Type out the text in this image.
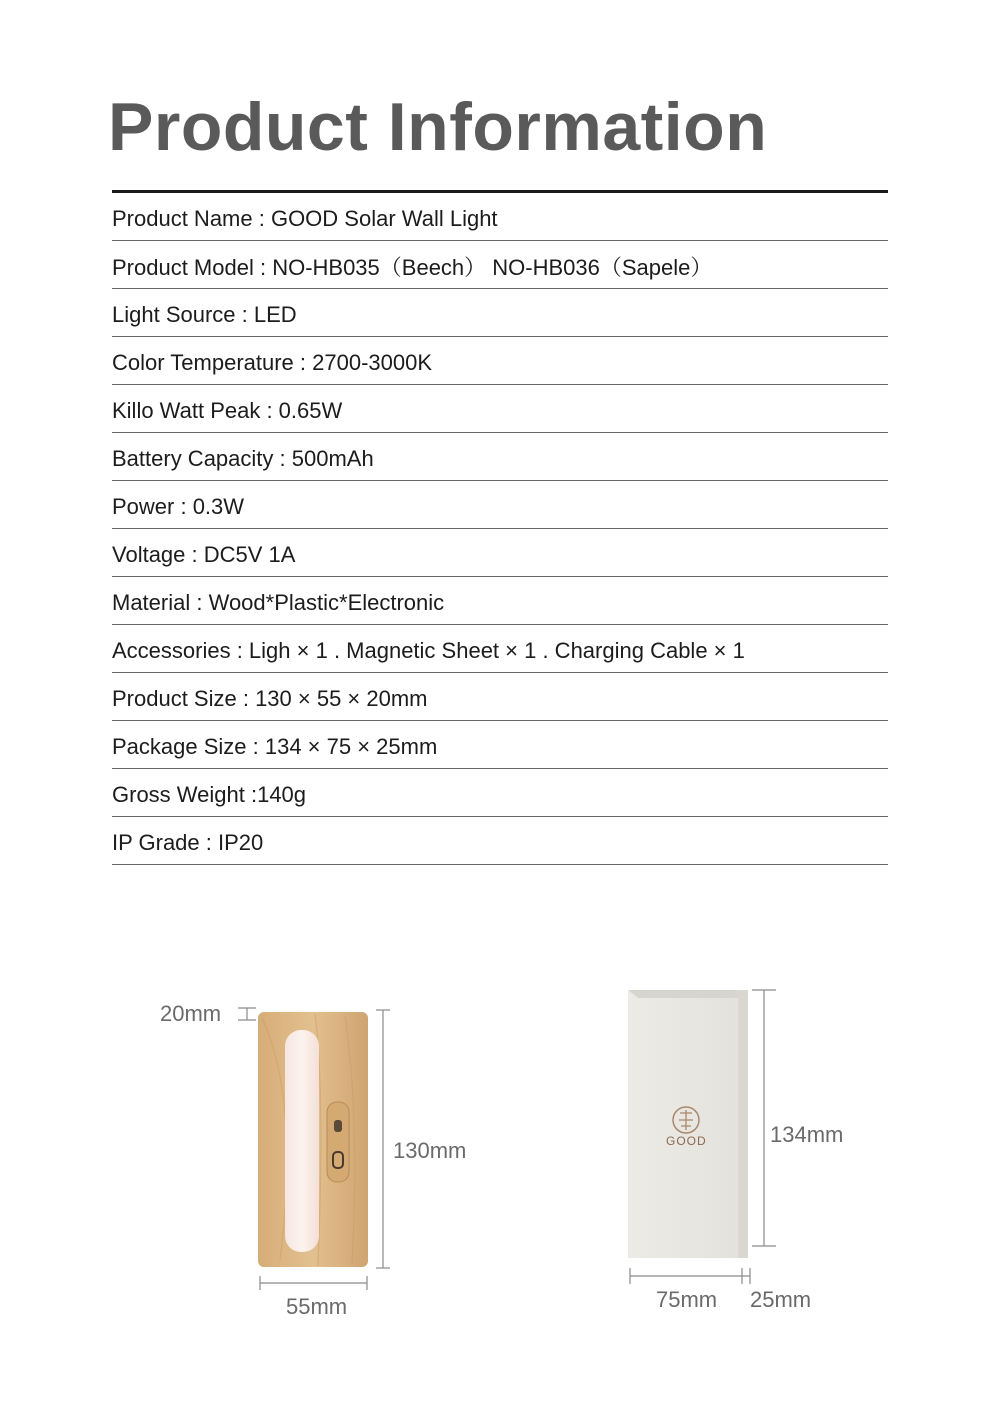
Product Information
Product Name : GOOD Solar Wall Light
Product Model : NO-HB035（Beech） NO-HB036（Sapele）
Light Source : LED
Color Temperature : 2700-3000K
Killo Watt Peak : 0.65W
Battery Capacity : 500mAh
Power : 0.3W
Voltage : DC5V 1A
Material : Wood*Plastic*Electronic
Accessories : Ligh × 1 . Magnetic Sheet × 1 . Charging Cable × 1
Product Size : 130 × 55 × 20mm
Package Size : 134 × 75 × 25mm
Gross Weight :140g
IP Grade : IP20
20mm
130mm
55mm
GOOD	134mm
75mm 25mm
